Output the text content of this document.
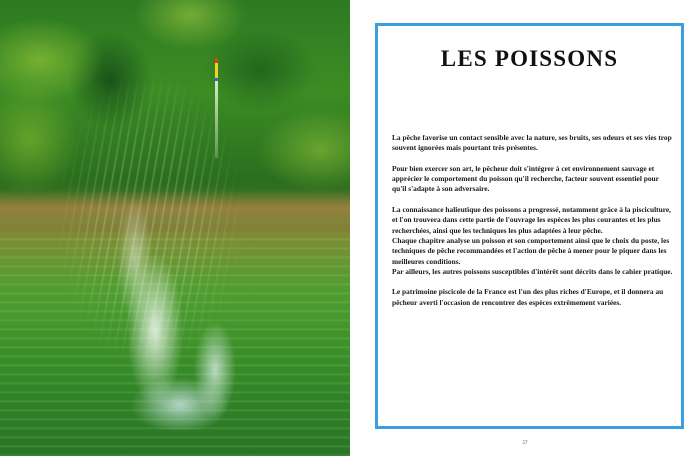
LES POISSONS

La pêche favorise un contact sensible avec la nature, ses bruits, ses odeurs et ses vies trop souvent ignorées mais pourtant très présentes.

Pour bien exercer son art, le pêcheur doit s'intégrer à cet environnement sauvage et apprécier le comportement du poisson qu'il recherche, facteur souvent essentiel pour qu'il s'adapte à son adversaire.

La connaissance halieutique des poissons a progressé, notamment grâce à la pisciculture, et l'on trouvera dans cette partie de l'ouvrage les espèces les plus courantes et les plus recherchées, ainsi que les techniques les plus adaptées à leur pêche.

Chaque chapitre analyse un poisson et son comportement ainsi que le choix du poste, les techniques de pêche recommandées et l'action de pêche à mener pour le piquer dans les meilleures conditions.

Par ailleurs, les autres poissons susceptibles d'intérêt sont décrits dans le cahier pratique.

Le patrimoine piscicole de la France est l'un des plus riches d'Europe, et il donnera au pêcheur averti l'occasion de rencontrer des espèces extrêmement variées.

57
